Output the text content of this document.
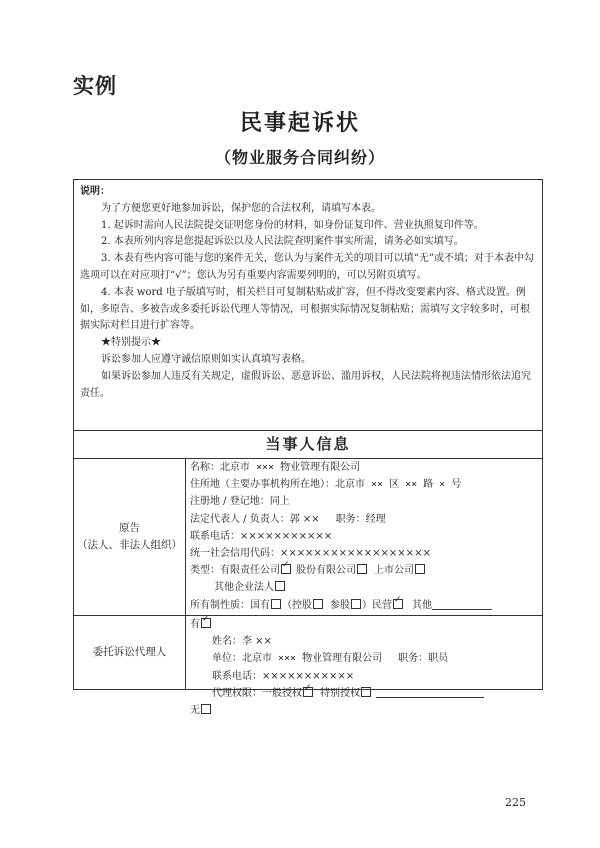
实例
民事起诉状
（物业服务合同纠纷）
说明：

为了方便您更好地参加诉讼，保护您的合法权利，请填写本表。

1. 起诉时需向人民法院提交证明您身份的材料，如身份证复印件、营业执照复印件等。

2. 本表所列内容是您提起诉讼以及人民法院查明案件事实所需，请务必如实填写。

3. 本表有些内容可能与您的案件无关，您认为与案件无关的项目可以填“无”或不填；对于本表中勾选项可以在对应项打“√”；您认为另有重要内容需要列明的，可以另附页填写。

4. 本表 word 电子版填写时，相关栏目可复制粘贴或扩容，但不得改变要素内容、格式设置。例如，多原告、多被告或多委托诉讼代理人等情况，可根据实际情况复制粘贴；需填写文字较多时，可根据实际对栏目进行扩容等。

★特别提示★

诉讼参加人应遵守诚信原则如实认真填写表格。

如果诉讼参加人违反有关规定，虚假诉讼、恶意诉讼、滥用诉权，人民法院将视违法情形依法追究责任。

当事人信息
原告
（法人、非法人组织）
名称：北京市 ××× 物业管理有限公司
住所地（主要办事机构所在地）：北京市 ×× 区 ×× 路 × 号
注册地 / 登记地：同上
法定代表人 / 负责人：郭 ×× 职务：经理
联系电话：×××××××××××
统一社会信用代码：××××××××××××××××××
类型：有限责任公司 ✓ 股份有限公司 上市公司
其他企业法人
所有制性质：国有 （控股 参股 ）民营 ✓ 其他
委托诉讼代理人
有✓
姓名：李 ××
单位：北京市 ××× 物业管理有限公司 职务：职员
联系电话：×××××××××××
代理权限：一般授权 ✓ 特别授权
无
225
